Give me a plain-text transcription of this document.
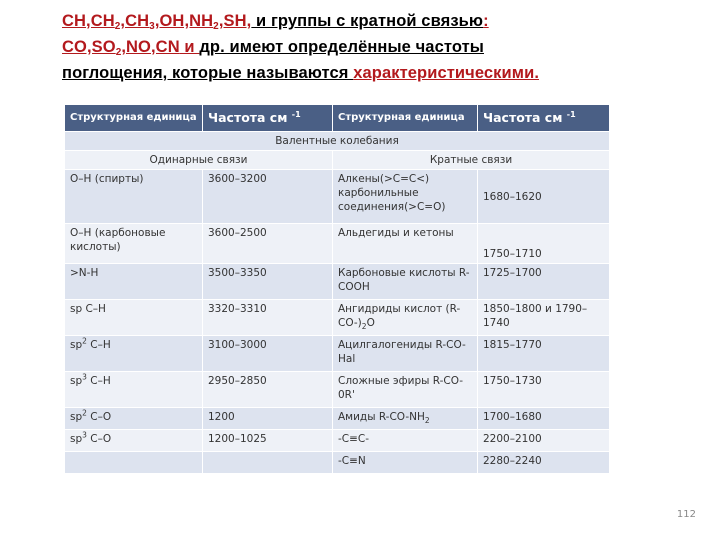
$CH,CH_2,CH_3,OH,NH_2,SH$, и группы с кратной связью:
$CO,SO_2,NO,CN$ и др. имеют определённые частоты
поглощения, которые называются характеристическими.
Структурная единица	Частота см $^{-1}$	Структурная единица	Частота см $^{-1}$
Валентные колебания			
Одинарные связи		Кратные связи	
O–H (спирты)	3600–3200	Алкены(>C=C<) карбонильные соединения(>C=O)	1680–1620
O–H (карбоновые кислоты)	3600–2500	Альдегиды и кетоны	1750–1710
>N-H	3500–3350	Карбоновые кислоты R-COOH	1725–1700
sp C–H	3320–3310	Ангидриды кислот $(R-CO-)_2O$	1850–1800 и 1790–1740
$sp^2$ C–H	3100–3000	Ацилгалогениды R-CO-Hal	1815–1770
$sp^3$ C–H	2950–2850	Сложные эфиры R-CO-0R'	1750–1730
$sp^2$ C–O	1200	Амиды $R-CO-NH_2$	1700–1680
$sp^3$ C–O	1200–1025	-C≡C-	2200–2100
		-C≡N	2280–2240
112
